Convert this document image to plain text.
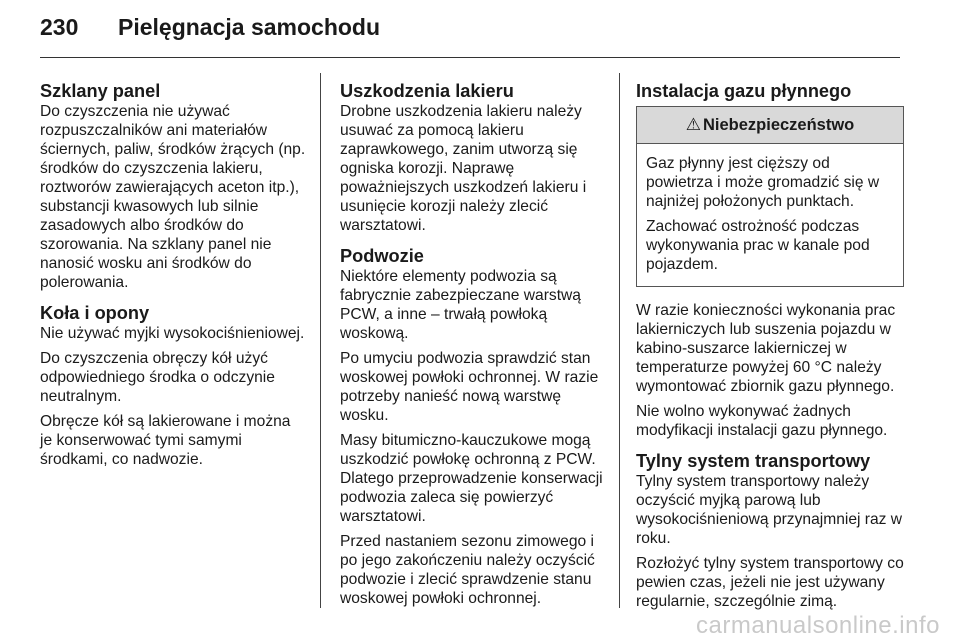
230	Pielęgnacja samochodu
Szklany panel

Do czyszczenia nie używać rozpuszczalników ani materiałów ściernych, paliw, środków żrących (np. środków do czyszczenia lakieru, roztworów zawierających aceton itp.), substancji kwasowych lub silnie zasadowych albo środków do szorowania. Na szklany panel nie nanosić wosku ani środków do polerowania.

Koła i opony

Nie używać myjki wysokociśnieniowej.

Do czyszczenia obręczy kół użyć odpowiedniego środka o odczynie neutralnym.

Obręcze kół są lakierowane i można je konserwować tymi samymi środkami, co nadwozie.

Uszkodzenia lakieru

Drobne uszkodzenia lakieru należy usuwać za pomocą lakieru zaprawkowego, zanim utworzą się ogniska korozji. Naprawę poważniejszych uszkodzeń lakieru i usunięcie korozji należy zlecić warsztatowi.

Podwozie

Niektóre elementy podwozia są fabrycznie zabezpieczane warstwą PCW, a inne – trwałą powłoką woskową.

Po umyciu podwozia sprawdzić stan woskowej powłoki ochronnej. W razie potrzeby nanieść nową warstwę wosku.

Masy bitumiczno-kauczukowe mogą uszkodzić powłokę ochronną z PCW. Dlatego przeprowadzenie konserwacji podwozia zaleca się powierzyć warsztatowi.

Przed nastaniem sezonu zimowego i po jego zakończeniu należy oczyścić podwozie i zlecić sprawdzenie stanu woskowej powłoki ochronnej.

Instalacja gazu płynnego
⚠ Niebezpieczeństwo

Gaz płynny jest cięższy od powietrza i może gromadzić się w najniżej położonych punktach.

Zachować ostrożność podczas wykonywania prac w kanale pod pojazdem.

W razie konieczności wykonania prac lakierniczych lub suszenia pojazdu w kabino-suszarce lakierniczej w temperaturze powyżej 60 °C należy wymontować zbiornik gazu płynnego.

Nie wolno wykonywać żadnych modyfikacji instalacji gazu płynnego.

Tylny system transportowy

Tylny system transportowy należy oczyścić myjką parową lub wysokociśnieniową przynajmniej raz w roku.

Rozłożyć tylny system transportowy co pewien czas, jeżeli nie jest używany regularnie, szczególnie zimą.

carmanualsonline.info
